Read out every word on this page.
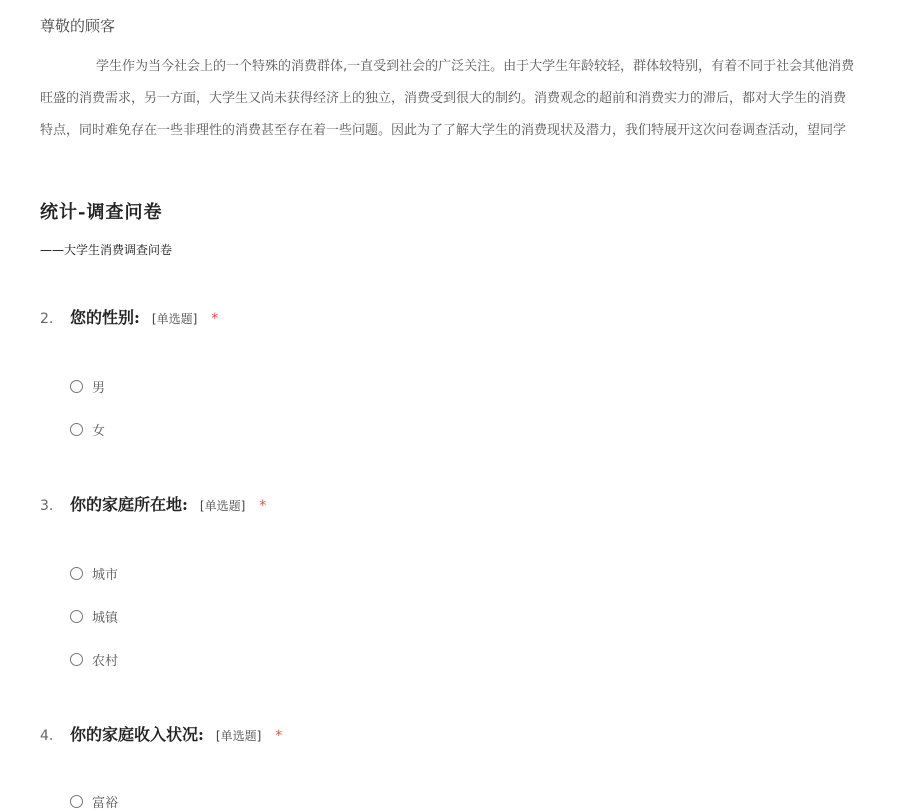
尊敬的顾客
学生作为当今社会上的一个特殊的消费群体,一直受到社会的广泛关注。由于大学生年龄较轻，群体较特别，有着不同于社会其他消费
旺盛的消费需求，另一方面，大学生又尚未获得经济上的独立，消费受到很大的制约。消费观念的超前和消费实力的滞后，都对大学生的消费
特点，同时难免存在一些非理性的消费甚至存在着一些问题。因此为了了解大学生的消费现状及潜力，我们特展开这次问卷调查活动，望同学
统计-调查问卷
——大学生消费调查问卷
2.	您的性别: [单选题] *
男
女
3.	你的家庭所在地: [单选题] *
城市
城镇
农村
4.	你的家庭收入状况: [单选题] *
富裕
